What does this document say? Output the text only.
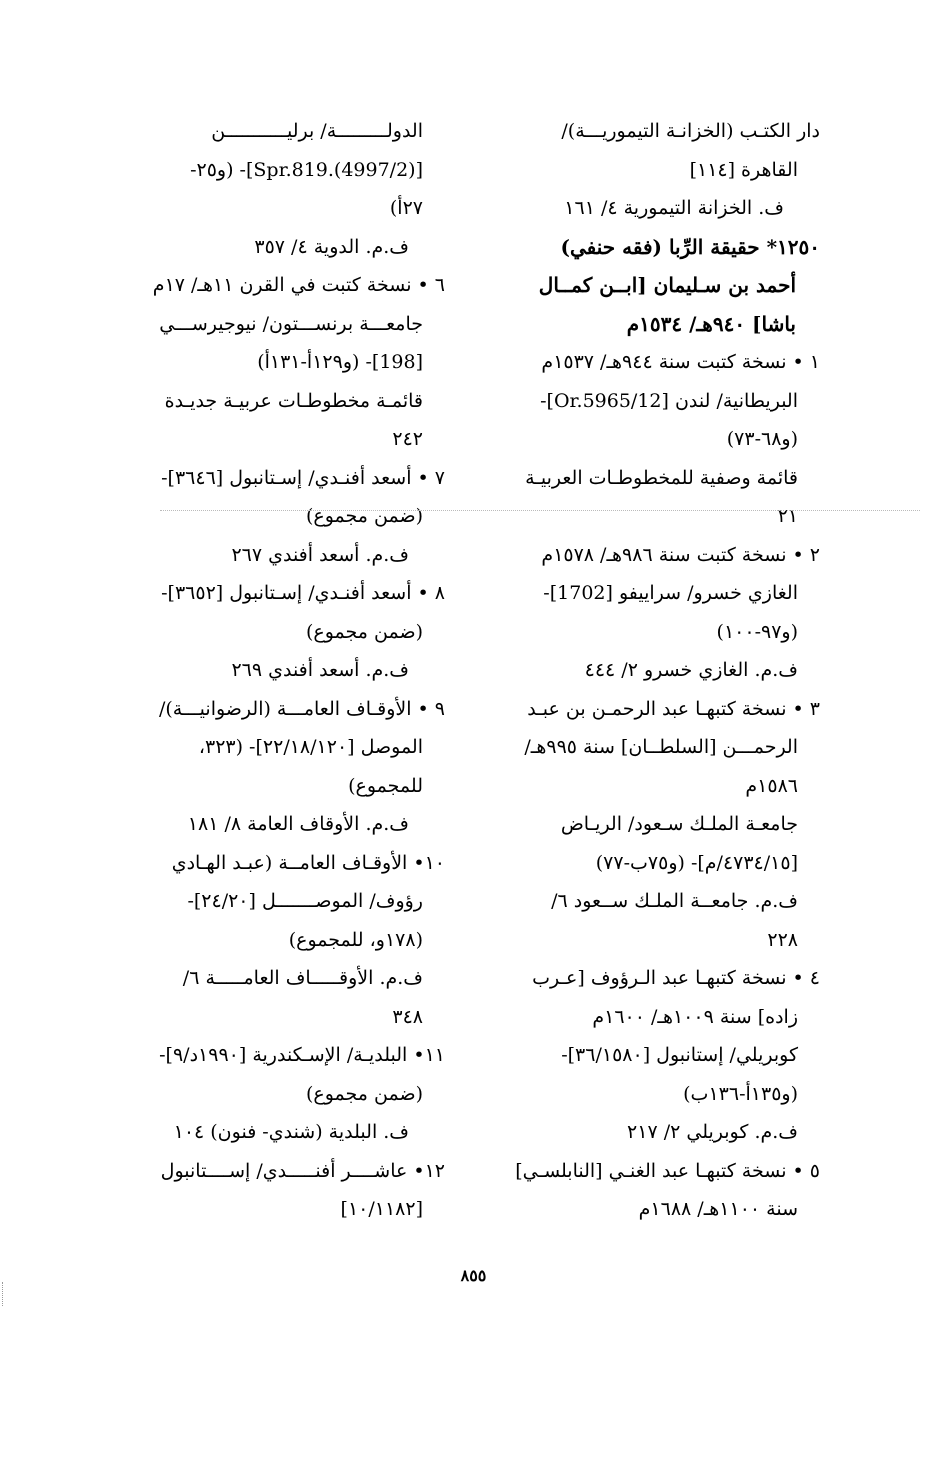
دار الكتـب (الخزانـة التيموريـــة)/
القاهرة [١١٤]
ف. الخزانة التيمورية ٤/ ١٦١
١٢٥٠* حقيقة الرِّبا (فقه حنفي)
أحمد بن سـليمان [ابــن كمــال
باشا] ٩٤٠هـ/ ١٥٣٤م
١ • نسخة كتبت سنة ٩٤٤هـ/ ١٥٣٧م
البريطانية/ لندن [Or.5965/12]-
(و٦٨-٧٣)
قائمة وصفية للمخطوطـات العربيـة
٢١
٢ • نسخة كتبت سنة ٩٨٦هـ/ ١٥٧٨م
الغازي خسرو/ سراييفو [1702]-
(و٩٧-١٠٠)
ف.م. الغازي خسرو ٢/ ٤٤٤
٣ • نسخة كتبهـا عبد الرحمـن بن عبـد
الرحمـــن [السلطــان] سنة ٩٩٥هـ/
١٥٨٦م
جامعـة الملـك سـعود/ الريـاض
[٤٧٣٤/١٥/م]- (و٧٥ب-٧٧)
ف.م. جامعــة الملـك ســعود ٦/
٢٢٨
٤ • نسخة كتبهـا عبد الـرؤوف [عـرب
زاده] سنة ١٠٠٩هـ/ ١٦٠٠م
كوبريلي/ إستانبول [٣٦/١٥٨٠]-
(و١٣٥أ-١٣٦ب)
ف.م. كوبريلي ٢/ ٢١٧
٥ • نسخة كتبهـا عبد الغنـي [النابلسـي]
سنة ١١٠٠هـ/ ١٦٨٨م
الدولـــــــــة/ برليـــــــــــن
[Spr.819.(4997/2)]- (و٢٥-
٢٧أ)
ف.م. الدوية ٤/ ٣٥٧
٦ • نسخة كتبت في القرن ١١هـ/ ١٧م
جامعـــة برنســـتون/ نيوجيرســـي
[198]- (و١٢٩أ-١٣١أ)
قائمـة مخطوطـات عربيـة جديـدة
٢٤٢
٧ • أسعد أفنـدي/ إسـتانبول [٣٦٤٦]-
(ضمن مجموع)
ف.م. أسعد أفندي ٢٦٧
٨ • أسعد أفنـدي/ إسـتانبول [٣٦٥٢]-
(ضمن مجموع)
ف.م. أسعد أفندي ٢٦٩
٩ • الأوقـاف العامـــة (الرضوانيـــة)/
الموصل [٢٢/١٨/١٢٠]- (٣٢٣،
للمجموع)
ف.م. الأوقاف العامة ٨/ ١٨١
١٠• الأوقـاف العامــة (عبـد الهـادي
رؤوف/ الموصـــــــل [٢٤/٢٠]-
(١٧٨و، للمجموع)
ف.م. الأوقـــــاف العامـــــة ٦/
٣٤٨
١١• البلديـة/ الإسـكندرية [١٩٩٠د/٩]-
(ضمن مجموع)
ف. البلدية (شندي- فنون) ١٠٤
١٢• عاشــــر أفنـــــدي/ إســــتانبول
[١٠/١١٨٢]
٨٥٥
